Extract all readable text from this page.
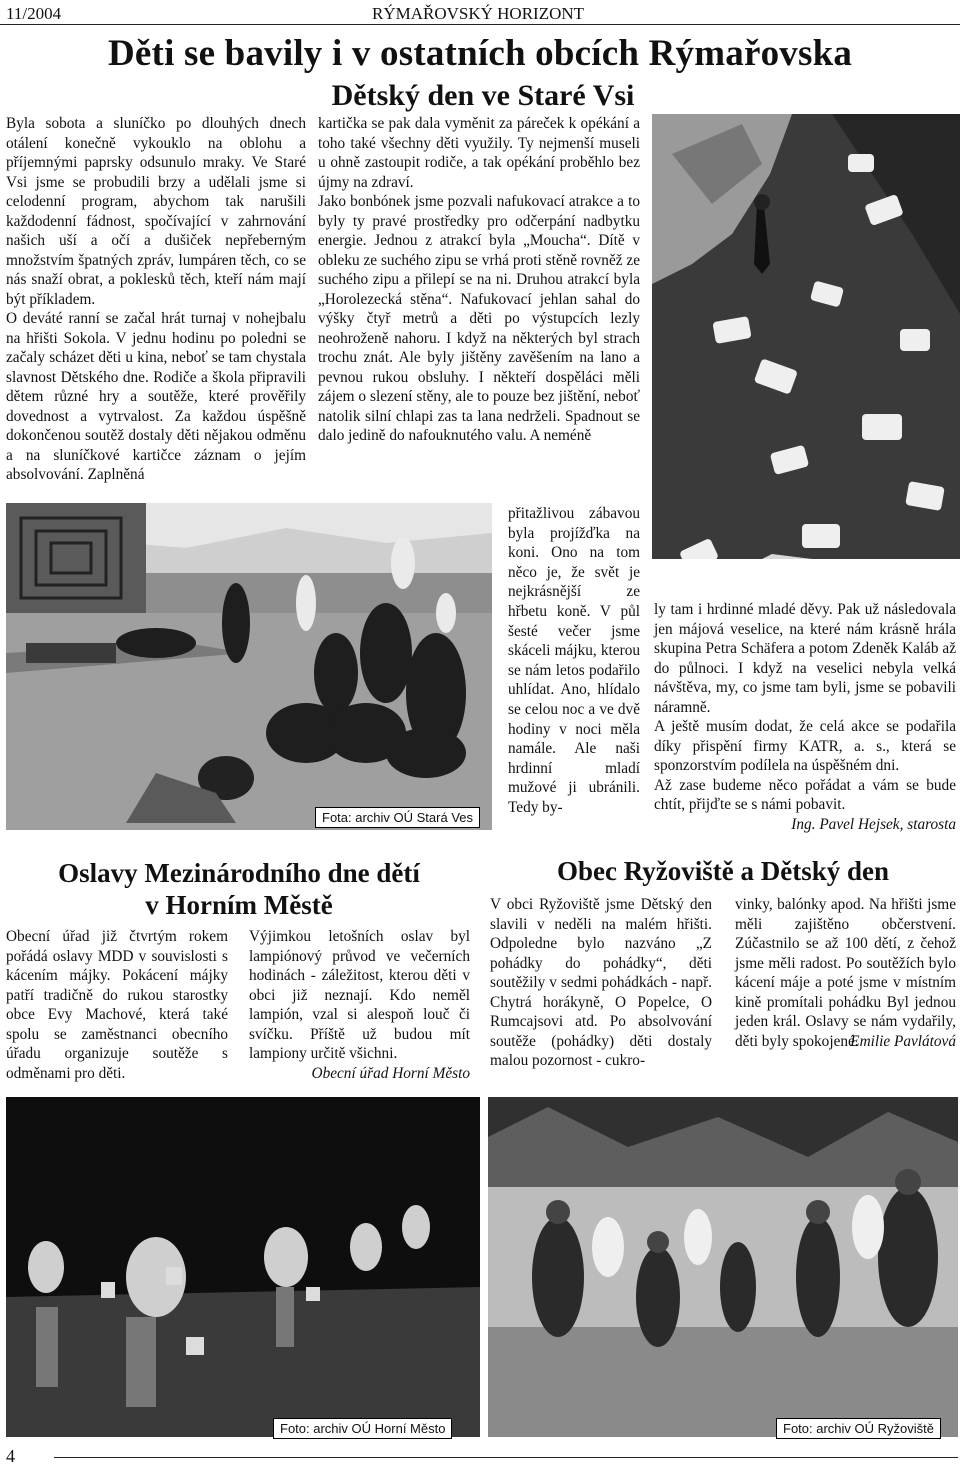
11/2004	RÝMAŘOVSKÝ HORIZONT
Děti se bavily i v ostatních obcích Rýmařovska
Dětský den ve Staré Vsi

Byla sobota a sluníčko po dlouhých dnech otálení konečně vykouklo na oblohu a příjemnými paprsky odsunulo mraky. Ve Staré Vsi jsme se probudili brzy a udělali jsme si celodenní program, abychom tak narušili každodenní fádnost, spočívající v zahrnování našich uší a očí a dušiček nepřeberným množstvím špatných zpráv, lumpáren těch, co se nás snaží obrat, a poklesků těch, kteří nám mají být příkladem.

O deváté ranní se začal hrát turnaj v nohejbalu na hřišti Sokola. V jednu hodinu po poledni se začaly scházet děti u kina, neboť se tam chystala slavnost Dětského dne. Rodiče a škola připravili dětem různé hry a soutěže, které prověřily dovednost a vytrvalost. Za každou úspěšně dokončenou soutěž dostaly děti nějakou odměnu a na sluníčkové kartičce záznam o jejím absolvování. Zaplněná

kartička se pak dala vyměnit za páreček k opékání a toho také všechny děti využily. Ty nejmenší museli u ohně zastoupit rodiče, a tak opékání proběhlo bez újmy na zdraví.

Jako bonbónek jsme pozvali nafukovací atrakce a to byly ty pravé prostředky pro odčerpání nadbytku energie. Jednou z atrakcí byla „Moucha“. Dítě v obleku ze suchého zipu se vrhá proti stěně rovněž ze suchého zipu a přilepí se na ni. Druhou atrakcí byla „Horolezecká stěna“. Nafukovací jehlan sahal do výšky čtyř metrů a děti po výstupcích lezly neohroženě nahoru. I když na některých byl strach trochu znát. Ale byly jištěny zavěšením na lano a pevnou rukou obsluhy. I někteří dospěláci měli zájem o slezení stěny, ale to pouze bez jištění, neboť natolik silní chlapi zas ta lana nedrželi. Spadnout se dalo jedině do nafouknutého valu. A neméně

přitažlivou zábavou byla projížďka na koni. Ono na tom něco je, že svět je nejkrásnější ze hřbetu koně. V půl šesté večer jsme skáceli májku, kterou se nám letos podařilo uhlídat. Ano, hlídalo se celou noc a ve dvě hodiny v noci měla namále. Ale naši hrdinní mladí mužové ji ubránili. Tedy by-

ly tam i hrdinné mladé děvy. Pak už následovala jen májová veselice, na které nám krásně hrála skupina Petra Schäfera a potom Zdeněk Kaláb až do půlnoci. I když na veselici nebyla velká návštěva, my, co jsme tam byli, jsme se pobavili náramně.

A ještě musím dodat, že celá akce se podařila díky přispění firmy KATR, a. s., která se sponzorstvím podílela na úspěšném dni.

Až zase budeme něco pořádat a vám se bude chtít, přijďte se s námi pobavit.

Ing. Pavel Hejsek, starosta

Fota: archiv OÚ Stará Ves
Oslavy Mezinárodního dne dětí
v Horním Městě
Obecní úřad již čtvrtým rokem pořádá oslavy MDD v souvislosti s kácením májky. Pokácení májky patří tradičně do rukou starostky obce Evy Machové, která také spolu se zaměstnanci obecního úřadu organizuje soutěže s odměnami pro děti.

Výjimkou letošních oslav byl lampiónový průvod ve večerních hodinách - záležitost, kterou děti v obci již neznají. Kdo neměl lampión, vzal si alespoň louč či svíčku. Příště už budou mít lampiony určitě všichni.

Obecní úřad Horní Město

Obec Ryžoviště a Dětský den
V obci Ryžoviště jsme Dětský den slavili v neděli na malém hřišti. Odpoledne bylo nazváno „Z pohádky do pohádky“, děti soutěžily v sedmi pohádkách - např. Chytrá horákyně, O Popelce, O Rumcajsovi atd. Po absolvování soutěže (pohádky) děti dostaly malou pozornost - cukro-

vinky, balónky apod. Na hřišti jsme měli zajištěno občerstvení. Zúčastnilo se až 100 dětí, z čehož jsme měli radost. Po soutěžích bylo kácení máje a poté jsme v místním kině promítali pohádku Byl jednou jeden král. Oslavy se nám vydařily, děti byly spokojené.

Emilie Pavlátová

Foto: archiv OÚ Horní Město	Foto: archiv OÚ Ryžoviště
4
